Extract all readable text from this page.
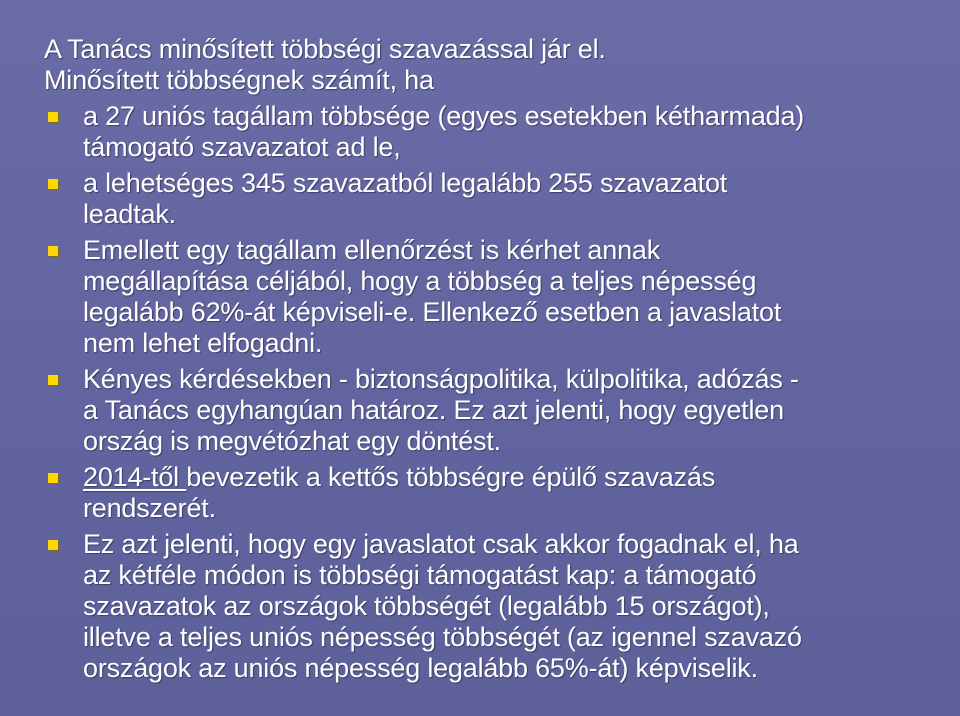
A Tanács minősített többségi szavazással jár el.
Minősített többségnek számít, ha
a 27 uniós tagállam többsége (egyes esetekben kétharmada)
támogató szavazatot ad le,
a lehetséges 345 szavazatból legalább 255 szavazatot
leadtak.
Emellett egy tagállam ellenőrzést is kérhet annak
megállapítása céljából, hogy a többség a teljes népesség
legalább 62%-át képviseli-e. Ellenkező esetben a javaslatot
nem lehet elfogadni.
Kényes kérdésekben - biztonságpolitika, külpolitika, adózás -
a Tanács egyhangúan határoz. Ez azt jelenti, hogy egyetlen
ország is megvétózhat egy döntést.
2014-től bevezetik a kettős többségre épülő szavazás
rendszerét.
Ez azt jelenti, hogy egy javaslatot csak akkor fogadnak el, ha
az kétféle módon is többségi támogatást kap: a támogató
szavazatok az országok többségét (legalább 15 országot),
illetve a teljes uniós népesség többségét (az igennel szavazó
országok az uniós népesség legalább 65%-át) képviselik.
